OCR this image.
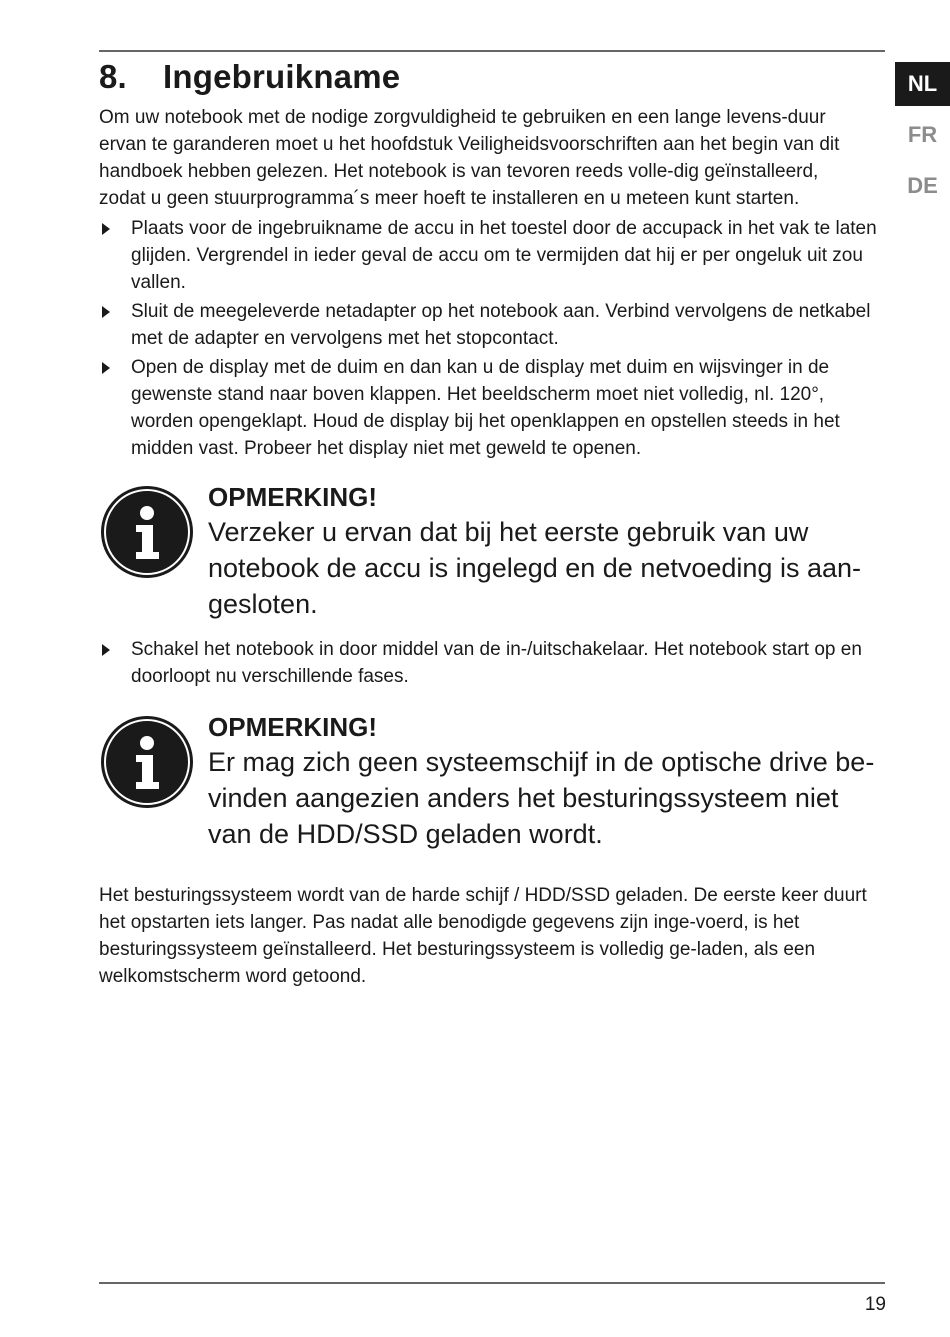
8. Ingebruikname	NL
FR
DE

Om uw notebook met de nodige zorgvuldigheid te gebruiken en een lange levens-duur ervan te garanderen moet u het hoofdstuk Veiligheidsvoorschriften aan het begin van dit handboek hebben gelezen. Het notebook is van tevoren reeds volle-dig geïnstalleerd, zodat u geen stuurprogramma´s meer hoeft te installeren en u meteen kunt starten.

Plaats voor de ingebruikname de accu in het toestel door de accupack in het vak te laten glijden. Vergrendel in ieder geval de accu om te vermijden dat hij er per ongeluk uit zou vallen.

Sluit de meegeleverde netadapter op het notebook aan. Verbind vervolgens de netkabel met de adapter en vervolgens met het stopcontact.

Open de display met de duim en dan kan u de display met duim en wijsvinger in de gewenste stand naar boven klappen. Het beeldscherm moet niet volledig, nl. 120°, worden opengeklapt. Houd de display bij het openklappen en opstellen steeds in het midden vast. Probeer het display niet met geweld te openen.

OPMERKING!

Verzeker u ervan dat bij het eerste gebruik van uw notebook de accu is ingelegd en de netvoeding is aan-gesloten.

Schakel het notebook in door middel van de in-/uitschakelaar. Het notebook start op en doorloopt nu verschillende fases.

OPMERKING!

Er mag zich geen systeemschijf in de optische drive be-vinden aangezien anders het besturingssysteem niet van de HDD/SSD geladen wordt.

Het besturingssysteem wordt van de harde schijf / HDD/SSD geladen. De eerste keer duurt het opstarten iets langer. Pas nadat alle benodigde gegevens zijn inge-voerd, is het besturingssysteem geïnstalleerd. Het besturingssysteem is volledig ge-laden, als een welkomstscherm word getoond.

19
